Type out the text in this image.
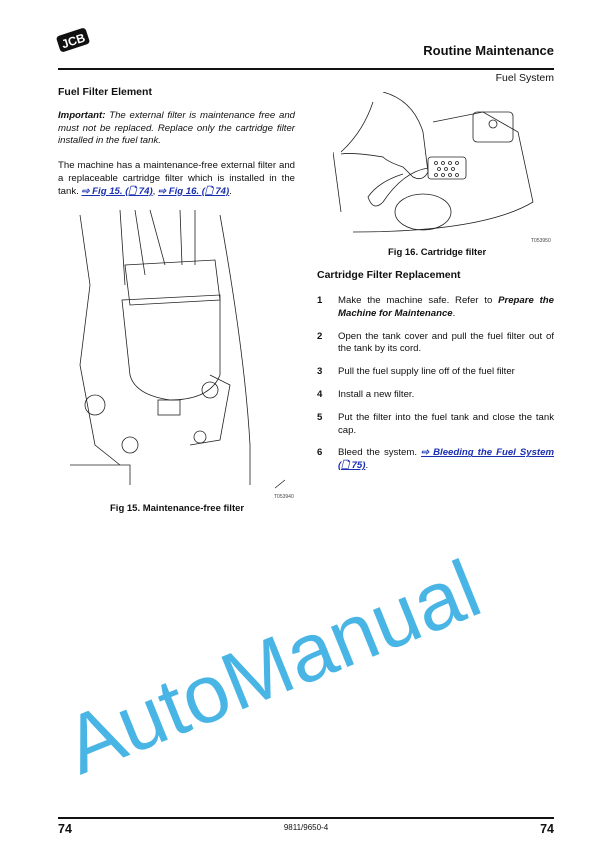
JCB	Routine Maintenance
Fuel System
Fuel Filter Element

Important: The external filter is maintenance free and must not be replaced. Replace only the cartridge filter installed in the fuel tank.

The machine has a maintenance-free external filter and a replaceable cartridge filter which is installed in the tank. ⇨ Fig 15. (🗋 74), ⇨ Fig 16. (🗋 74).

T053950
Fig 16. Cartridge filter
T053940
Fig 15. Maintenance-free filter
Cartridge Filter Replacement
1	Make the machine safe. Refer to Prepare the Machine for Maintenance.
2	Open the tank cover and pull the fuel filter out of the tank by its cord.
3	Pull the fuel supply line off of the fuel filter
4	Install a new filter.
5	Put the filter into the fuel tank and close the tank cap.
6	Bleed the system. ⇨ Bleeding the Fuel System (🗋 75).
AutoManual
74	9811/9650-4	74
